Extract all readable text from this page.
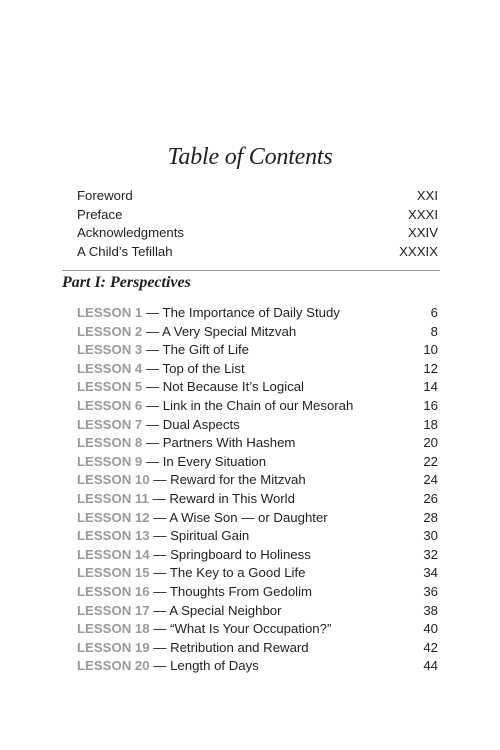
Table of Contents
Foreword	XXI
Preface	XXXI
Acknowledgments	XXIV
A Child’s Tefillah	XXXIX
Part I: Perspectives
LESSON 1 — The Importance of Daily Study	6
LESSON 2 — A Very Special Mitzvah	8
LESSON 3 — The Gift of Life	10
LESSON 4 — Top of the List	12
LESSON 5 — Not Because It’s Logical	14
LESSON 6 — Link in the Chain of our Mesorah	16
LESSON 7 — Dual Aspects	18
LESSON 8 — Partners With Hashem	20
LESSON 9 — In Every Situation	22
LESSON 10 — Reward for the Mitzvah	24
LESSON 11 — Reward in This World	26
LESSON 12 — A Wise Son — or Daughter	28
LESSON 13 — Spiritual Gain	30
LESSON 14 — Springboard to Holiness	32
LESSON 15 — The Key to a Good Life	34
LESSON 16 — Thoughts From Gedolim	36
LESSON 17 — A Special Neighbor	38
LESSON 18 — “What Is Your Occupation?”	40
LESSON 19 — Retribution and Reward	42
LESSON 20 — Length of Days	44
